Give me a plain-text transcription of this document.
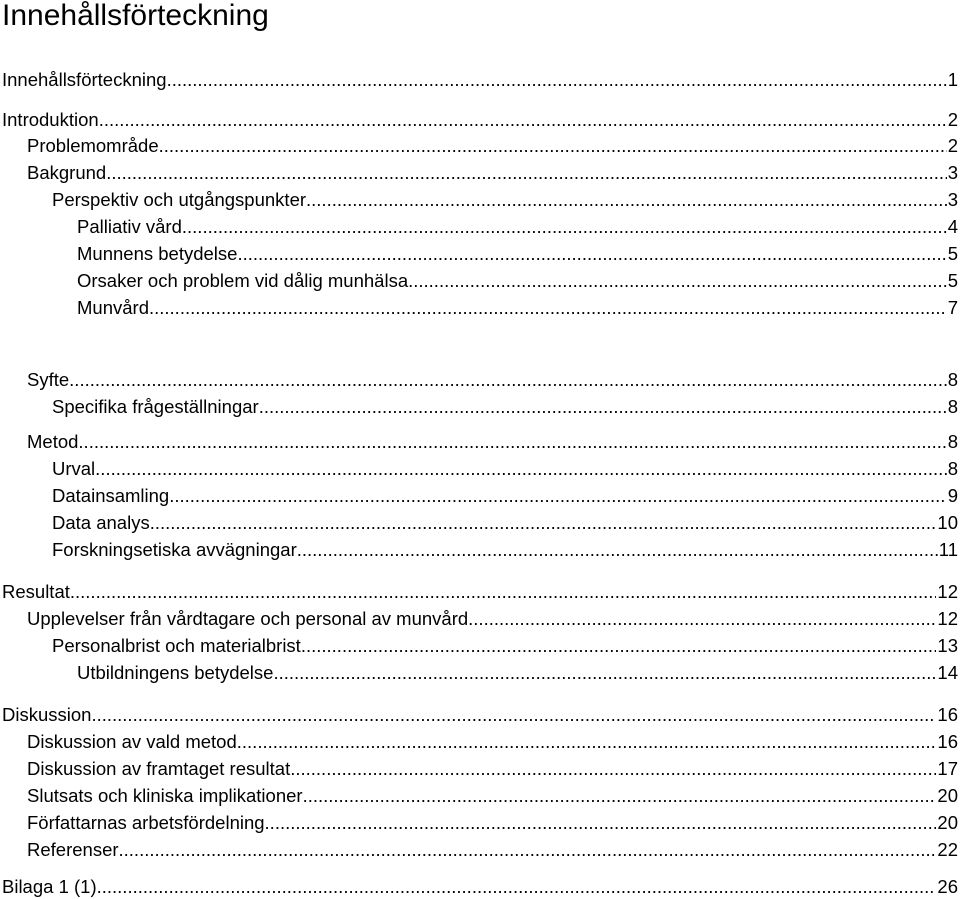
Innehållsförteckning
Innehållsförteckning .....	1
Introduktion .....	2
Problemområde .....	2
Bakgrund .....	3
Perspektiv och utgångspunkter .....	3
Palliativ vård .....	4
Munnens betydelse .....	5
Orsaker och problem vid dålig munhälsa .....	5
Munvård .....	7
Syfte .....	8
Specifika frågeställningar .....	8
Metod .....	8
Urval .....	8
Datainsamling .....	9
Data analys .....	10
Forskningsetiska avvägningar .....	11
Resultat .....	12
Upplevelser från vårdtagare och personal av munvård .....	12
Personalbrist och materialbrist .....	13
Utbildningens betydelse .....	14
Diskussion .....	16
Diskussion av vald metod .....	16
Diskussion av framtaget resultat .....	17
Slutsats och kliniska implikationer .....	20
Författarnas arbetsfördelning .....	20
Referenser .....	22
Bilaga 1 (1) .....	26
